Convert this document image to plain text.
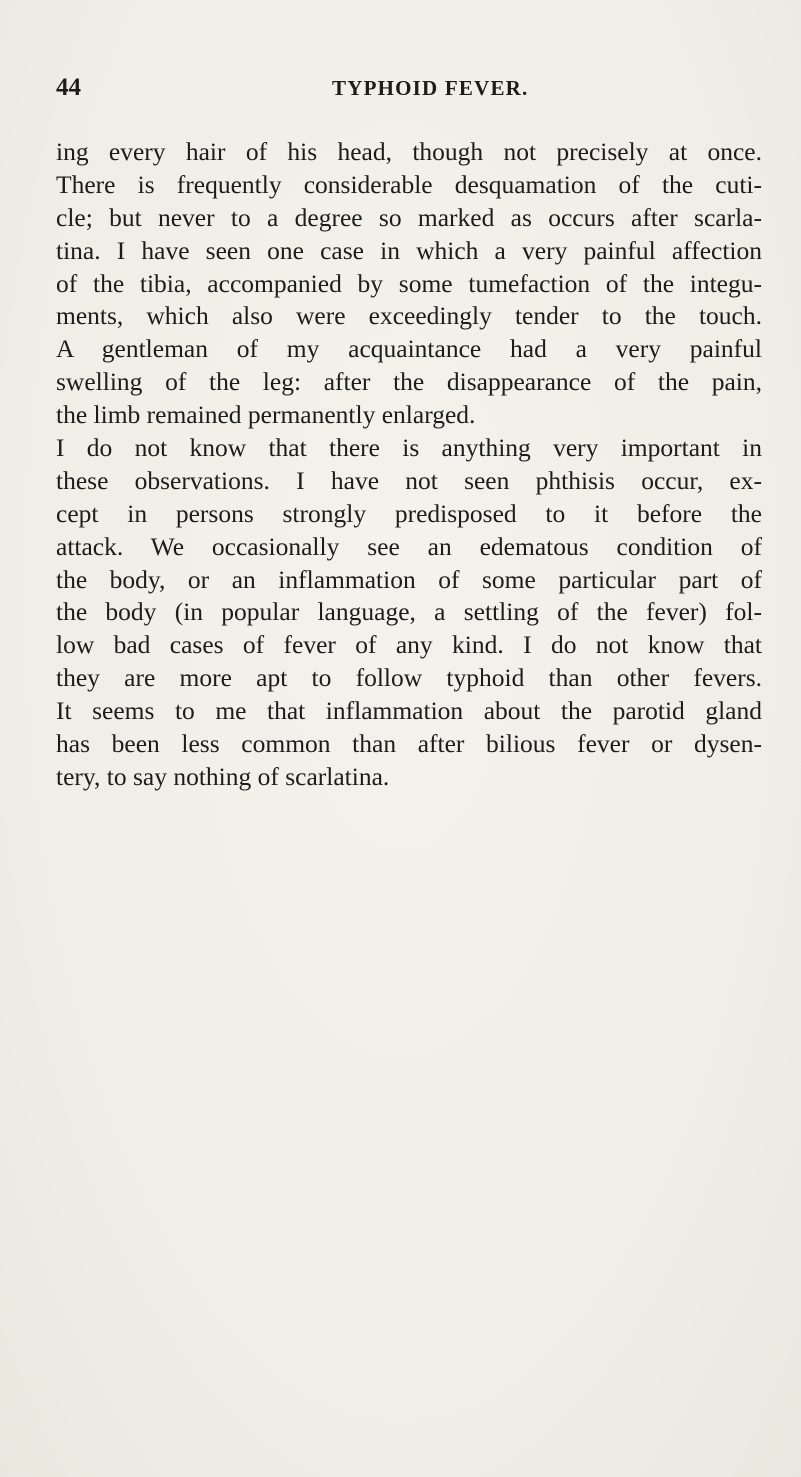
44	TYPHOID FEVER.
ing every hair of his head, though not precisely at once.
There is frequently considerable desquamation of the cuti-
cle; but never to a degree so marked as occurs after scarla-
tina. I have seen one case in which a very painful affection
of the tibia, accompanied by some tumefaction of the integu-
ments, which also were exceedingly tender to the touch.
A gentleman of my acquaintance had a very painful
swelling of the leg: after the disappearance of the pain,
the limb remained permanently enlarged.
I do not know that there is anything very important in
these observations. I have not seen phthisis occur, ex-
cept in persons strongly predisposed to it before the
attack. We occasionally see an edematous condition of
the body, or an inflammation of some particular part of
the body (in popular language, a settling of the fever) fol-
low bad cases of fever of any kind. I do not know that
they are more apt to follow typhoid than other fevers.
It seems to me that inflammation about the parotid gland
has been less common than after bilious fever or dysen-
tery, to say nothing of scarlatina.
